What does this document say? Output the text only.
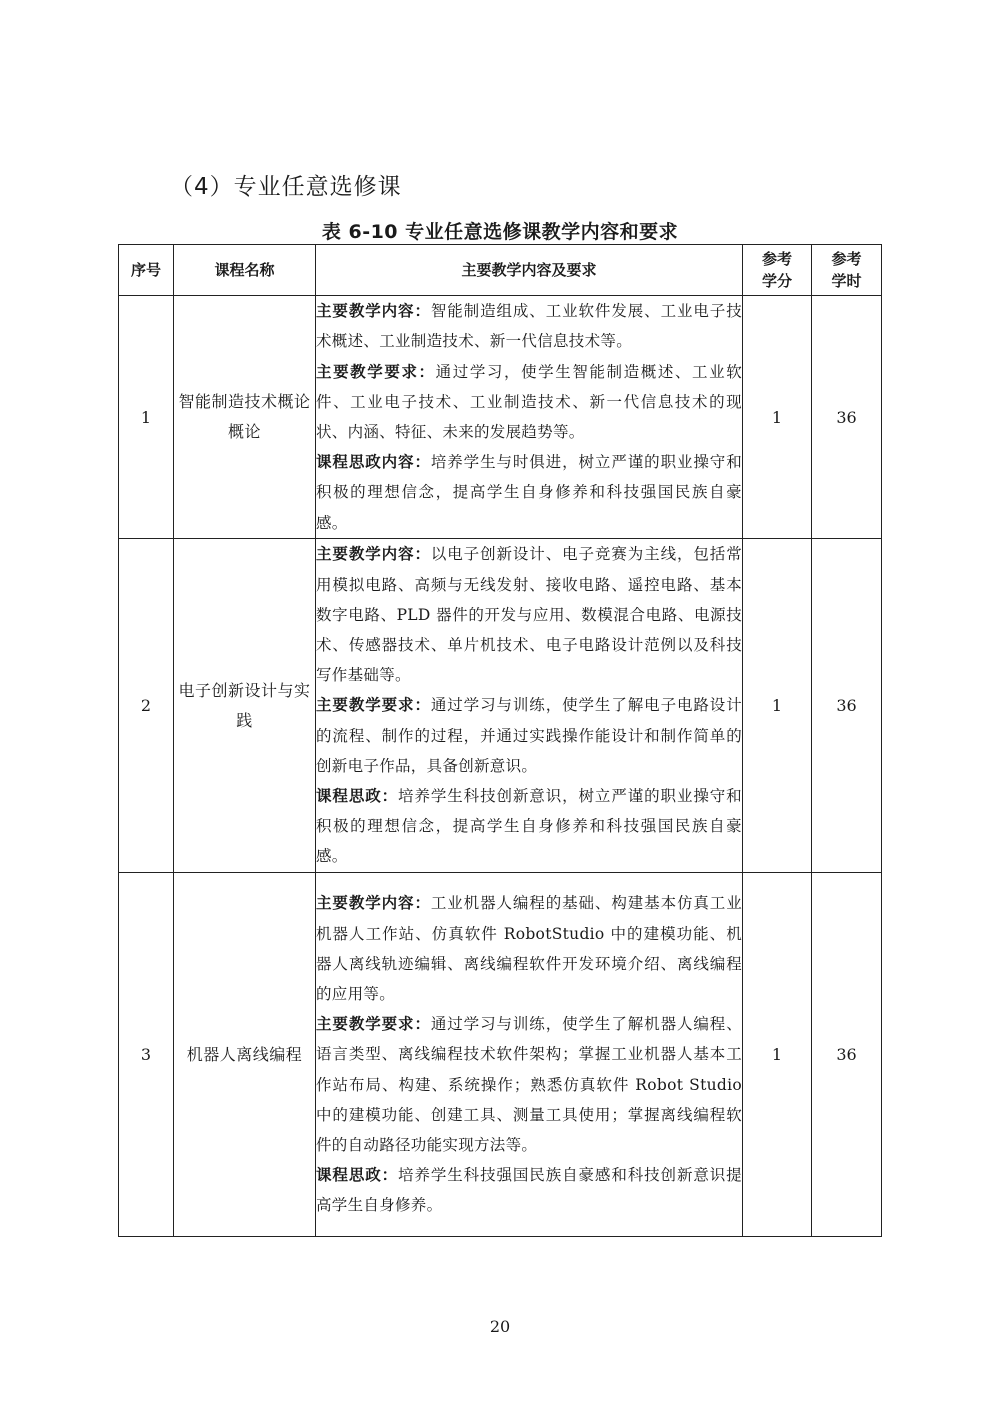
（4）专业任意选修课

表 6-10 专业任意选修课教学内容和要求

序号	课程名称	主要教学内容及要求	参考学分	参考学时
1	智能制造技术概论概论	主要教学内容：智能制造组成、工业软件发展、工业电子技术概述、工业制造技术、新一代信息技术等。

主要教学要求：通过学习，使学生智能制造概述、工业软件、工业电子技术、工业制造技术、新一代信息技术的现状、内涵、特征、未来的发展趋势等。

课程思政内容：培养学生与时俱进，树立严谨的职业操守和积极的理想信念，提高学生自身修养和科技强国民族自豪感。	1	36
2	电子创新设计与实践	主要教学内容：以电子创新设计、电子竞赛为主线，包括常用模拟电路、高频与无线发射、接收电路、遥控电路、基本数字电路、PLD 器件的开发与应用、数模混合电路、电源技术、传感器技术、单片机技术、电子电路设计范例以及科技写作基础等。

主要教学要求：通过学习与训练，使学生了解电子电路设计的流程、制作的过程，并通过实践操作能设计和制作简单的创新电子作品，具备创新意识。

课程思政：培养学生科技创新意识，树立严谨的职业操守和积极的理想信念，提高学生自身修养和科技强国民族自豪感。	1	36
3	机器人离线编程	主要教学内容：工业机器人编程的基础、构建基本仿真工业机器人工作站、仿真软件 RobotStudio 中的建模功能、机器人离线轨迹编辑、离线编程软件开发环境介绍、离线编程的应用等。

主要教学要求：通过学习与训练，使学生了解机器人编程、语言类型、离线编程技术软件架构；掌握工业机器人基本工作站布局、构建、系统操作；熟悉仿真软件 Robot Studio 中的建模功能、创建工具、测量工具使用；掌握离线编程软件的自动路径功能实现方法等。

课程思政：培养学生科技强国民族自豪感和科技创新意识提高学生自身修养。	1	36

20
